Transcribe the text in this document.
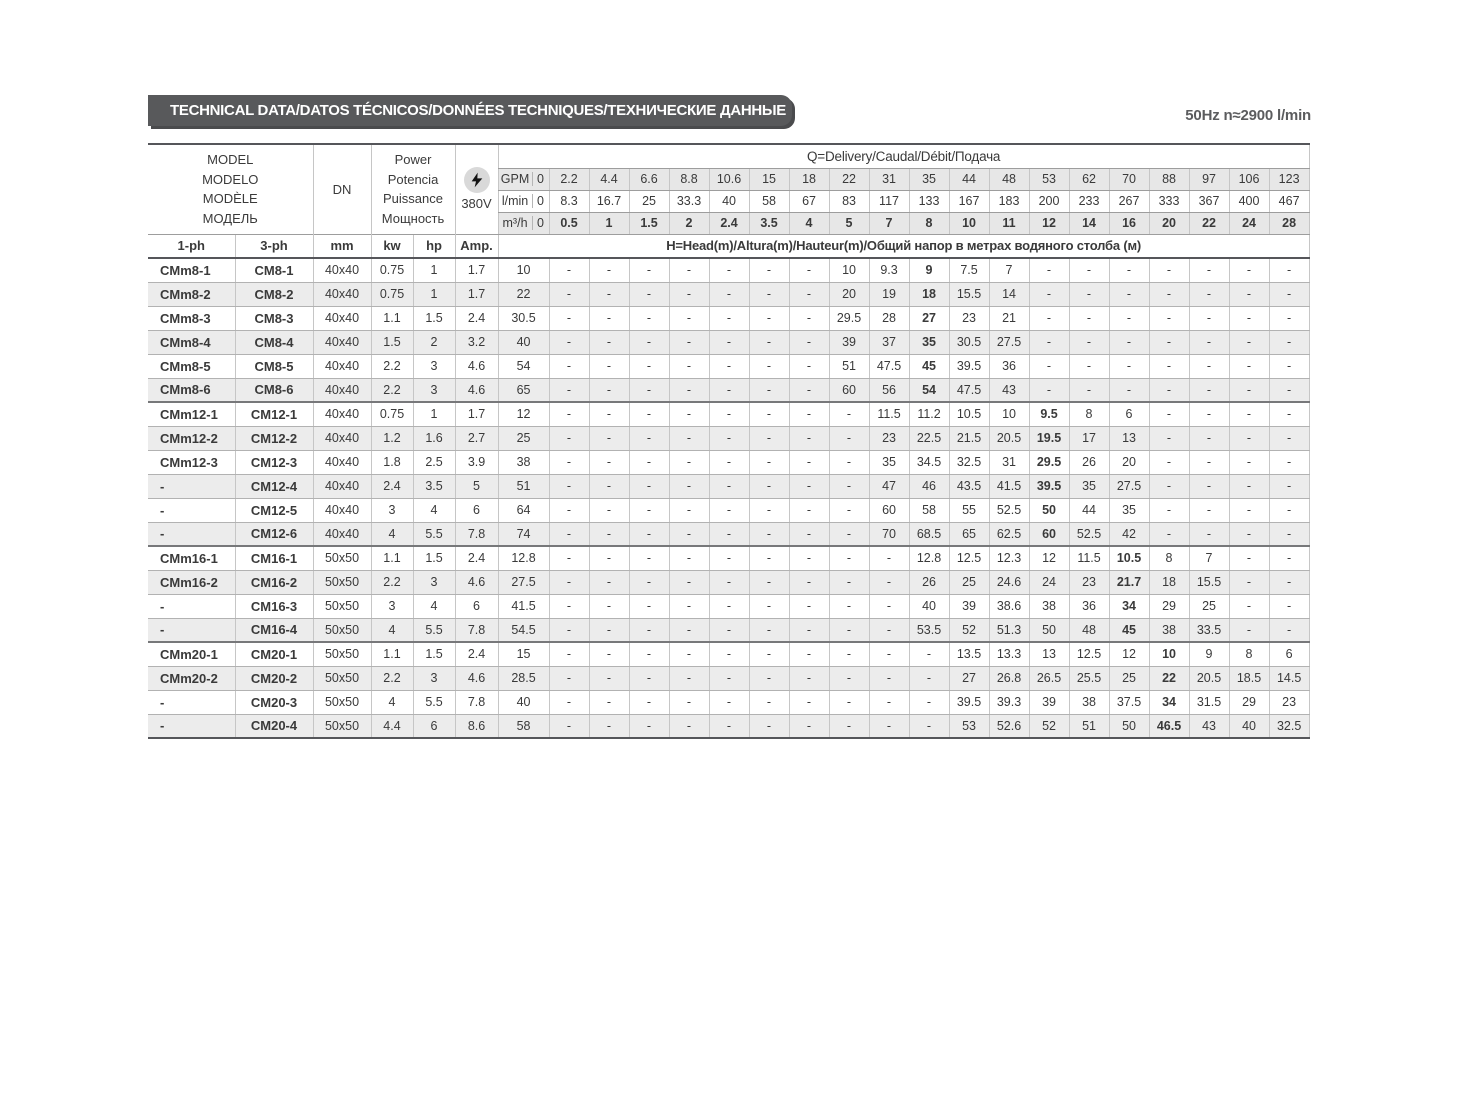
TECHNICAL DATA/DATOS TÉCNICOS/DONNÉES TECHNIQUES/ТЕХНИЧЕСКИЕ ДАННЫЕ	50Hz n≈2900 l/min
MODEL
MODELO
MODÈLE
МОДЕЛЬ		DN	Power
Potencia
Puissance
Мощность		380V	Q=Delivery/Caudal/Débit/Подача																			

						GPM 0	2.2	4.4	6.6	8.8	10.6	15	18	22	31	35	44	48	53	62	70	88	97	106	123

						l/min 0	8.3	16.7	25	33.3	40	58	67	83	117	133	167	183	200	233	267	333	367	400	467

						m³/h 0	0.5	1	1.5	2	2.4	3.5	4	5	7	8	10	11	12	14	16	20	22	24	28
1-ph	3-ph	mm	kw	hp	Amp.	H=Head(m)/Altura(m)/Hauteur(m)/Общий напор в метрах водяного столба (м)																			
CMm8-1	CM8-1	40x40	0.75	1	1.7	10	-	-	-	-	-	-	-	10	9.3	9	7.5	7	-	-	-	-	-	-	-
CMm8-2	CM8-2	40x40	0.75	1	1.7	22	-	-	-	-	-	-	-	20	19	18	15.5	14	-	-	-	-	-	-	-
CMm8-3	CM8-3	40x40	1.1	1.5	2.4	30.5	-	-	-	-	-	-	-	29.5	28	27	23	21	-	-	-	-	-	-	-
CMm8-4	CM8-4	40x40	1.5	2	3.2	40	-	-	-	-	-	-	-	39	37	35	30.5	27.5	-	-	-	-	-	-	-
CMm8-5	CM8-5	40x40	2.2	3	4.6	54	-	-	-	-	-	-	-	51	47.5	45	39.5	36	-	-	-	-	-	-	-
CMm8-6	CM8-6	40x40	2.2	3	4.6	65	-	-	-	-	-	-	-	60	56	54	47.5	43	-	-	-	-	-	-	-
CMm12-1	CM12-1	40x40	0.75	1	1.7	12	-	-	-	-	-	-	-	-	11.5	11.2	10.5	10	9.5	8	6	-	-	-	-
CMm12-2	CM12-2	40x40	1.2	1.6	2.7	25	-	-	-	-	-	-	-	-	23	22.5	21.5	20.5	19.5	17	13	-	-	-	-
CMm12-3	CM12-3	40x40	1.8	2.5	3.9	38	-	-	-	-	-	-	-	-	35	34.5	32.5	31	29.5	26	20	-	-	-	-
-	CM12-4	40x40	2.4	3.5	5	51	-	-	-	-	-	-	-	-	47	46	43.5	41.5	39.5	35	27.5	-	-	-	-
-	CM12-5	40x40	3	4	6	64	-	-	-	-	-	-	-	-	60	58	55	52.5	50	44	35	-	-	-	-
-	CM12-6	40x40	4	5.5	7.8	74	-	-	-	-	-	-	-	-	70	68.5	65	62.5	60	52.5	42	-	-	-	-
CMm16-1	CM16-1	50x50	1.1	1.5	2.4	12.8	-	-	-	-	-	-	-	-	-	12.8	12.5	12.3	12	11.5	10.5	8	7	-	-
CMm16-2	CM16-2	50x50	2.2	3	4.6	27.5	-	-	-	-	-	-	-	-	-	26	25	24.6	24	23	21.7	18	15.5	-	-
-	CM16-3	50x50	3	4	6	41.5	-	-	-	-	-	-	-	-	-	40	39	38.6	38	36	34	29	25	-	-
-	CM16-4	50x50	4	5.5	7.8	54.5	-	-	-	-	-	-	-	-	-	53.5	52	51.3	50	48	45	38	33.5	-	-
CMm20-1	CM20-1	50x50	1.1	1.5	2.4	15	-	-	-	-	-	-	-	-	-	-	13.5	13.3	13	12.5	12	10	9	8	6
CMm20-2	CM20-2	50x50	2.2	3	4.6	28.5	-	-	-	-	-	-	-	-	-	-	27	26.8	26.5	25.5	25	22	20.5	18.5	14.5
-	CM20-3	50x50	4	5.5	7.8	40	-	-	-	-	-	-	-	-	-	-	39.5	39.3	39	38	37.5	34	31.5	29	23
-	CM20-4	50x50	4.4	6	8.6	58	-	-	-	-	-	-	-	-	-	-	53	52.6	52	51	50	46.5	43	40	32.5
